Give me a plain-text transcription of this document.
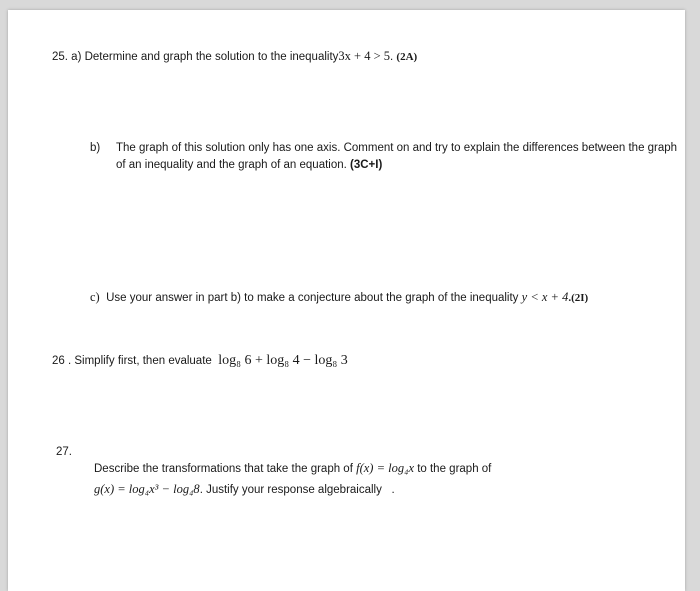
25. a) Determine and graph the solution to the inequality3x + 4 > 5. (2A)
b) The graph of this solution only has one axis. Comment on and try to explain the differences between the graph
of an inequality and the graph of an equation. (3C+I)
c) Use your answer in part b) to make a conjecture about the graph of the inequality y < x + 4.(2I)
26 . Simplify first, then evaluate log₈ 6 + log₈ 4 − log₈ 3
27.
Describe the transformations that take the graph of f(x) = log₄x to the graph of
g(x) = log₄x³ − log₄8. Justify your response algebraically .
